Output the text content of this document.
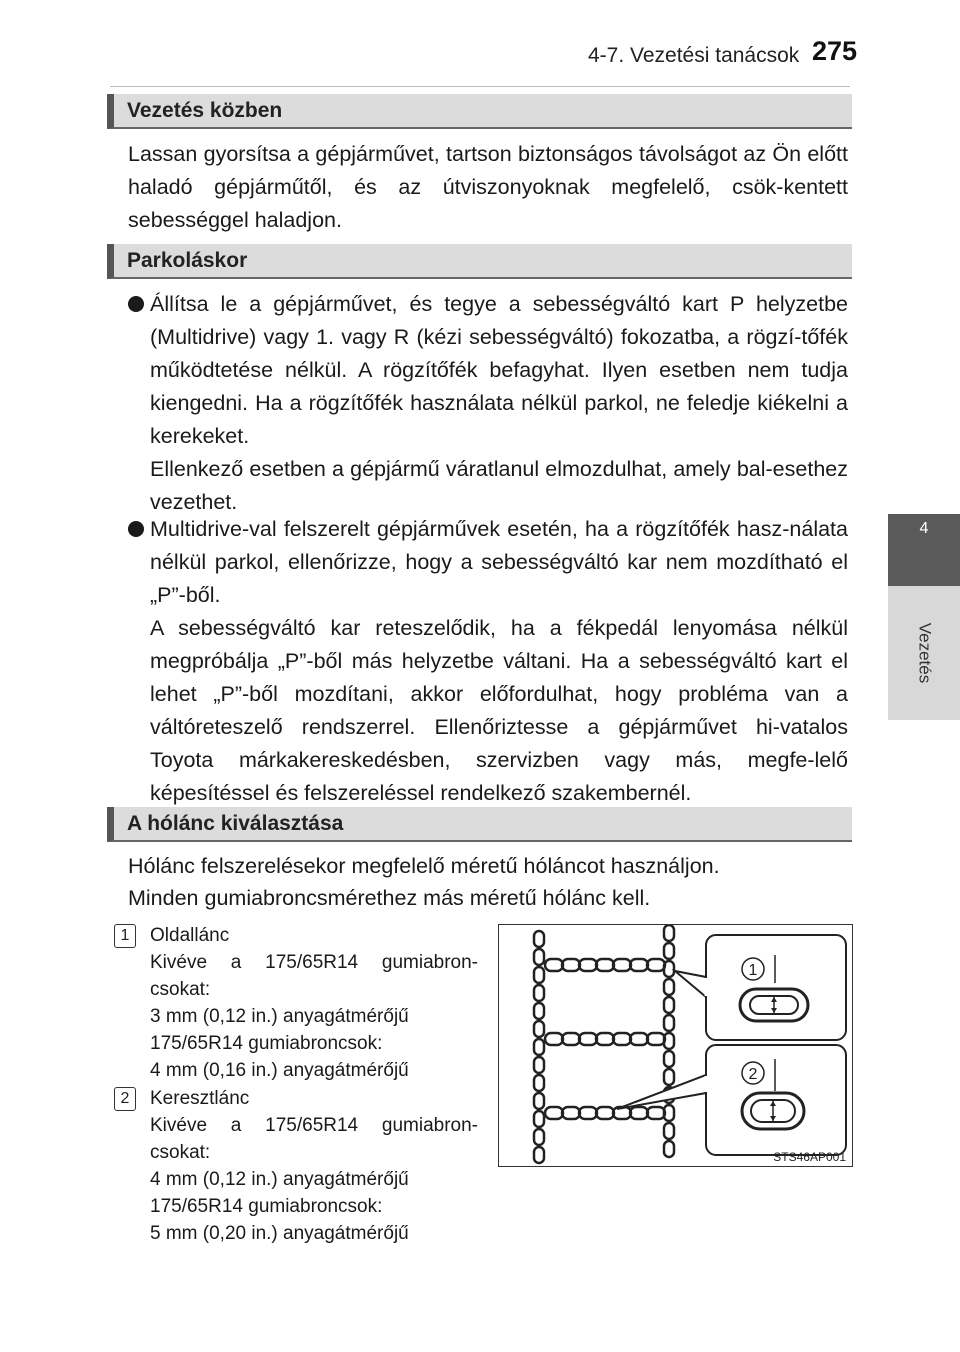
4-7. Vezetési tanácsok 275
4
Vezetés
Vezetés közben
Lassan gyorsítsa a gépjárművet, tartson biztonságos távolságot az Ön előtt haladó gépjárműtől, és az útviszonyoknak megfelelő, csök-kentett sebességgel haladjon.
Parkoláskor

Állítsa le a gépjárművet, és tegye a sebességváltó kart P helyzetbe (Multidrive) vagy 1. vagy R (kézi sebességváltó) fokozatba, a rögzí-tőfék működtetése nélkül. A rögzítőfék befagyhat. Ilyen esetben nem tudja kiengedni. Ha a rögzítőfék használata nélkül parkol, ne feledje kiékelni a kerekeket.

Ellenkező esetben a gépjármű váratlanul elmozdulhat, amely bal-esethez vezethet.

Multidrive-val felszerelt gépjárművek esetén, ha a rögzítőfék hasz-nálata nélkül parkol, ellenőrizze, hogy a sebességváltó kar nem mozdítható el „P”-ből.

A sebességváltó kar reteszelődik, ha a fékpedál lenyomása nélkül megpróbálja „P”-ből más helyzetbe váltani. Ha a sebességváltó kart el lehet „P”-ből mozdítani, akkor előfordulhat, hogy probléma van a váltóreteszelő rendszerrel. Ellenőriztesse a gépjárművet hi-vatalos Toyota márkakereskedésben, szervizben vagy más, megfe-lelő képesítéssel és felszereléssel rendelkező szakembernél.

A hólánc kiválasztása
Hólánc felszerelésekor megfelelő méretű hóláncot használjon.
Minden gumiabroncsmérethez más méretű hólánc kell.
1	Oldallánc

Kivéve a 175/65R14 gumiabron-

csokat:

3 mm (0,12 in.) anyagátmérőjű

175/65R14 gumiabroncsok:

4 mm (0,16 in.) anyagátmérőjű

2	Keresztlánc

Kivéve a 175/65R14 gumiabron-

csokat:

4 mm (0,12 in.) anyagátmérőjű

175/65R14 gumiabroncsok:

5 mm (0,20 in.) anyagátmérőjű

1
2
STS46AP001
